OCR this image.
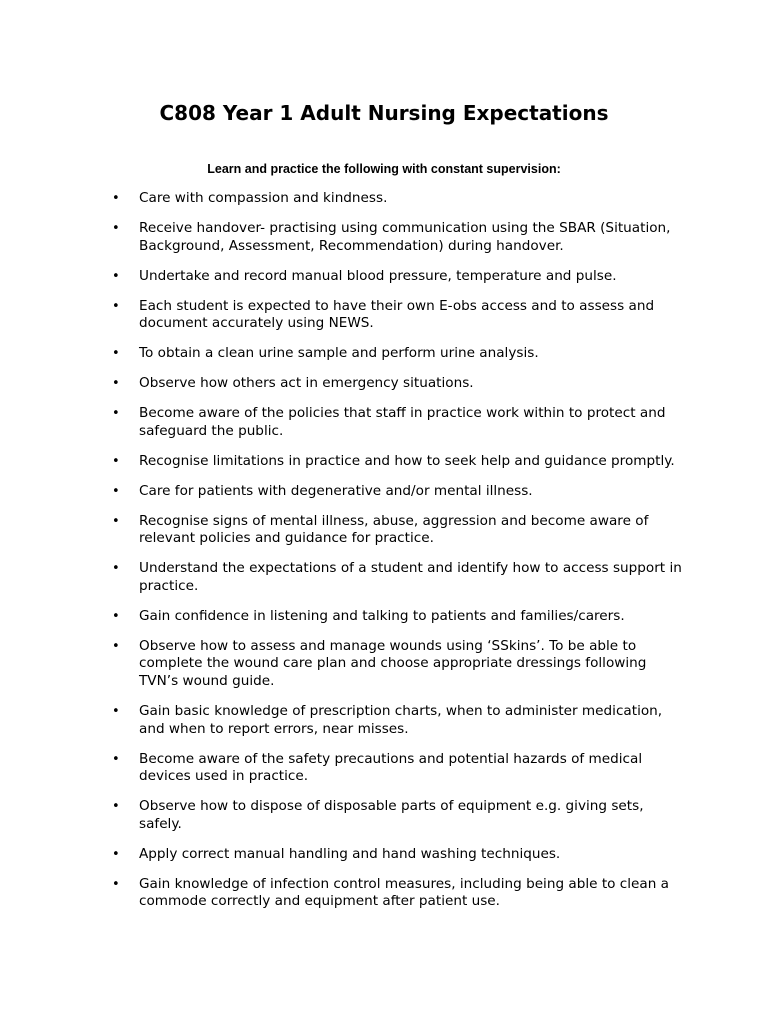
C808 Year 1 Adult Nursing Expectations
Learn and practice the following with constant supervision:
• Care with compassion and kindness.
• Receive handover- practising using communication using the SBAR (Situation, Background, Assessment, Recommendation) during handover.
• Undertake and record manual blood pressure, temperature and pulse.
• Each student is expected to have their own E-obs access and to assess and document accurately using NEWS.
• To obtain a clean urine sample and perform urine analysis.
• Observe how others act in emergency situations.
• Become aware of the policies that staff in practice work within to protect and safeguard the public.
• Recognise limitations in practice and how to seek help and guidance promptly.
• Care for patients with degenerative and/or mental illness.
• Recognise signs of mental illness, abuse, aggression and become aware of relevant policies and guidance for practice.
• Understand the expectations of a student and identify how to access support in practice.
• Gain confidence in listening and talking to patients and families/carers.
• Observe how to assess and manage wounds using ‘SSkins’. To be able to complete the wound care plan and choose appropriate dressings following TVN’s wound guide.
• Gain basic knowledge of prescription charts, when to administer medication, and when to report errors, near misses.
• Become aware of the safety precautions and potential hazards of medical devices used in practice.
• Observe how to dispose of disposable parts of equipment e.g. giving sets, safely.
• Apply correct manual handling and hand washing techniques.
• Gain knowledge of infection control measures, including being able to clean a commode correctly and equipment after patient use.
